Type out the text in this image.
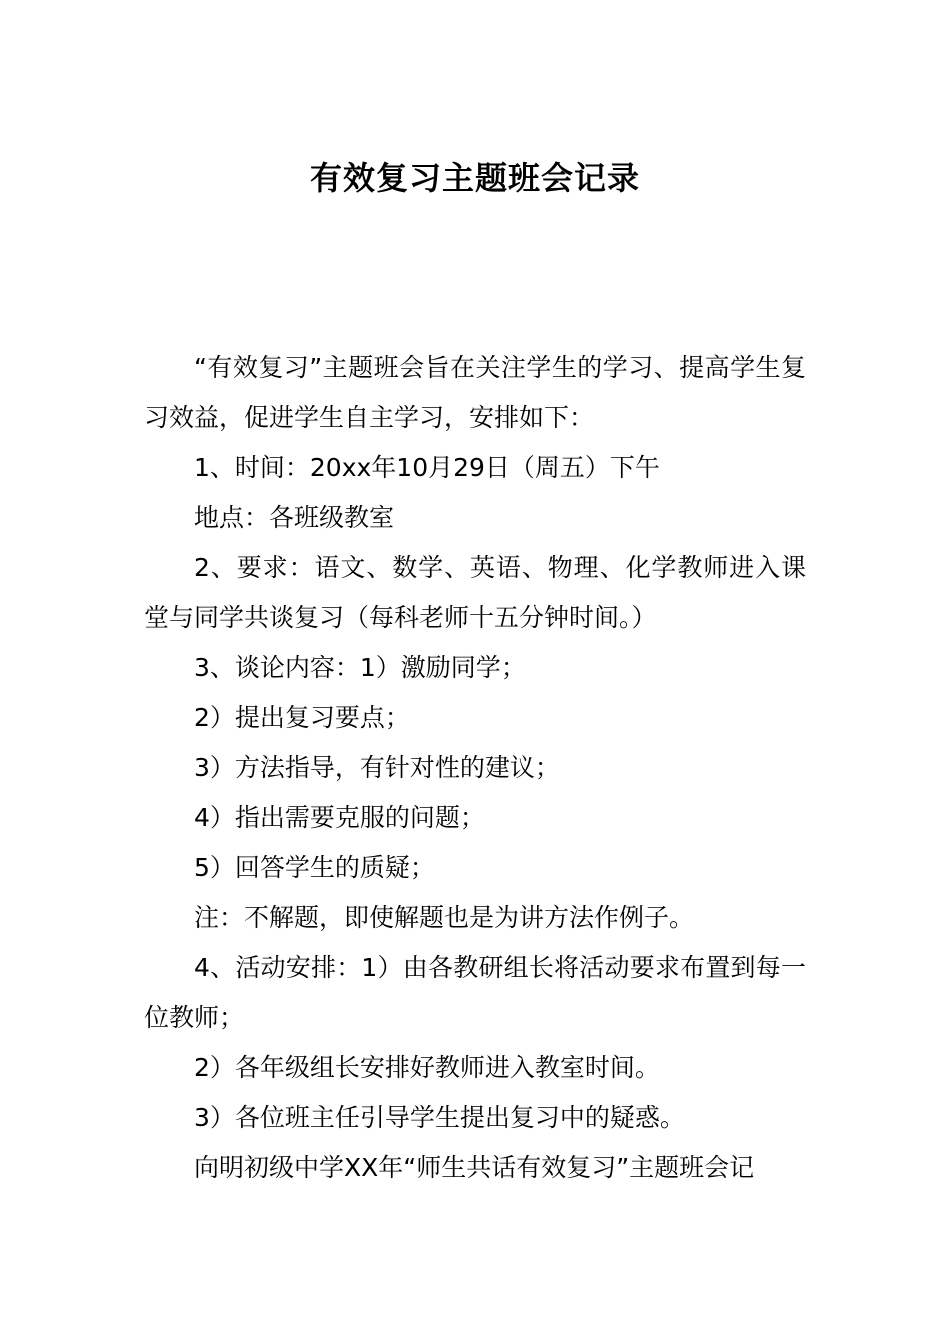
有效复习主题班会记录

“有效复习”主题班会旨在关注学生的学习、提高学生复习效益，促进学生自主学习，安排如下：

1、时间：20xx年10月29日（周五）下午

地点：各班级教室

2、要求：语文、数学、英语、物理、化学教师进入课堂与同学共谈复习（每科老师十五分钟时间。）

3、谈论内容：1）激励同学；

2）提出复习要点；

3）方法指导，有针对性的建议；

4）指出需要克服的问题；

5）回答学生的质疑；

注：不解题，即使解题也是为讲方法作例子。

4、活动安排：1）由各教研组长将活动要求布置到每一位教师；

2）各年级组长安排好教师进入教室时间。

3）各位班主任引导学生提出复习中的疑惑。

向明初级中学XX年“师生共话有效复习”主题班会记
